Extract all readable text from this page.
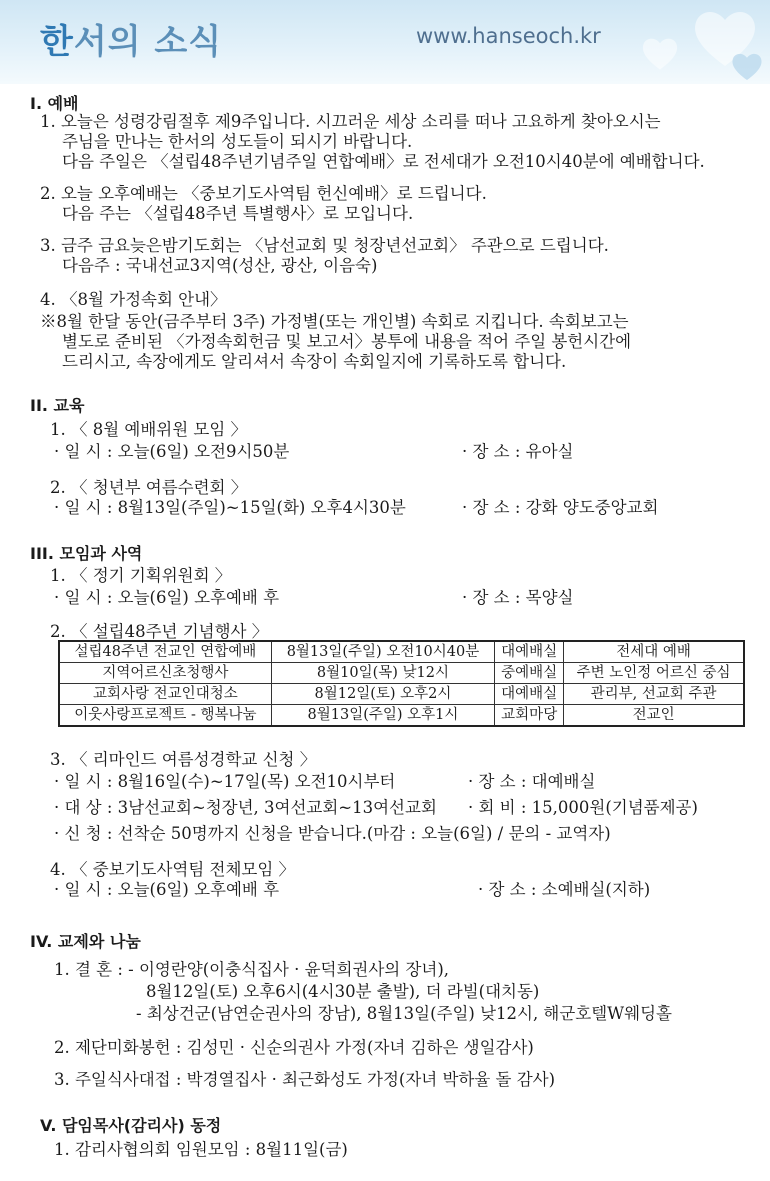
한서의 소식	www.hanseoch.kr
I. 예배
1. 오늘은 성령강림절후 제9주입니다. 시끄러운 세상 소리를 떠나 고요하게 찾아오시는
주님을 만나는 한서의 성도들이 되시기 바랍니다.
다음 주일은 〈설립48주년기념주일 연합예배〉로 전세대가 오전10시40분에 예배합니다.
2. 오늘 오후예배는 〈중보기도사역팀 헌신예배〉로 드립니다.
다음 주는 〈설립48주년 특별행사〉로 모입니다.
3. 금주 금요늦은밤기도회는 〈남선교회 및 청장년선교회〉 주관으로 드립니다.
다음주 : 국내선교3지역(성산, 광산, 이음숙)
4. 〈8월 가정속회 안내〉
※8월 한달 동안(금주부터 3주) 가정별(또는 개인별) 속회로 지킵니다. 속회보고는
별도로 준비된 〈가정속회헌금 및 보고서〉봉투에 내용을 적어 주일 봉헌시간에
드리시고, 속장에게도 알리셔서 속장이 속회일지에 기록하도록 합니다.
II. 교육
1. 〈 8월 예배위원 모임 〉
· 일 시 : 오늘(6일) 오전9시50분	· 장 소 : 유아실
2. 〈 청년부 여름수련회 〉
· 일 시 : 8월13일(주일)~15일(화) 오후4시30분	· 장 소 : 강화 양도중앙교회
III. 모임과 사역
1. 〈 정기 기획위원회 〉
· 일 시 : 오늘(6일) 오후예배 후	· 장 소 : 목양실
2. 〈 설립48주년 기념행사 〉
설립48주년 전교인 연합예배	8월13일(주일) 오전10시40분	대예배실	전세대 예배
지역어르신초청행사	8월10일(목) 낮12시	중예배실	주변 노인정 어르신 중심
교회사랑 전교인대청소	8월12일(토) 오후2시	대예배실	관리부, 선교회 주관
이웃사랑프로젝트 - 행복나눔	8월13일(주일) 오후1시	교회마당	전교인
3. 〈 리마인드 여름성경학교 신청 〉
· 일 시 : 8월16일(수)~17일(목) 오전10시부터	· 장 소 : 대예배실
· 대 상 : 3남선교회~청장년, 3여선교회~13여선교회 · 회 비 : 15,000원(기념품제공)
· 신 청 : 선착순 50명까지 신청을 받습니다.(마감 : 오늘(6일) / 문의 - 교역자)
4. 〈 중보기도사역팀 전체모임 〉
· 일 시 : 오늘(6일) 오후예배 후	· 장 소 : 소예배실(지하)
IV. 교제와 나눔
1. 결 혼 : - 이영란양(이충식집사 · 윤덕희권사의 장녀),
8월12일(토) 오후6시(4시30분 출발), 더 라빌(대치동)
- 최상건군(남연순권사의 장남), 8월13일(주일) 낮12시, 해군호텔W웨딩홀
2. 제단미화봉헌 : 김성민 · 신순의권사 가정(자녀 김하은 생일감사)
3. 주일식사대접 : 박경열집사 · 최근화성도 가정(자녀 박하율 돌 감사)
V. 담임목사(감리사) 동정
1. 감리사협의회 임원모임 : 8월11일(금)
